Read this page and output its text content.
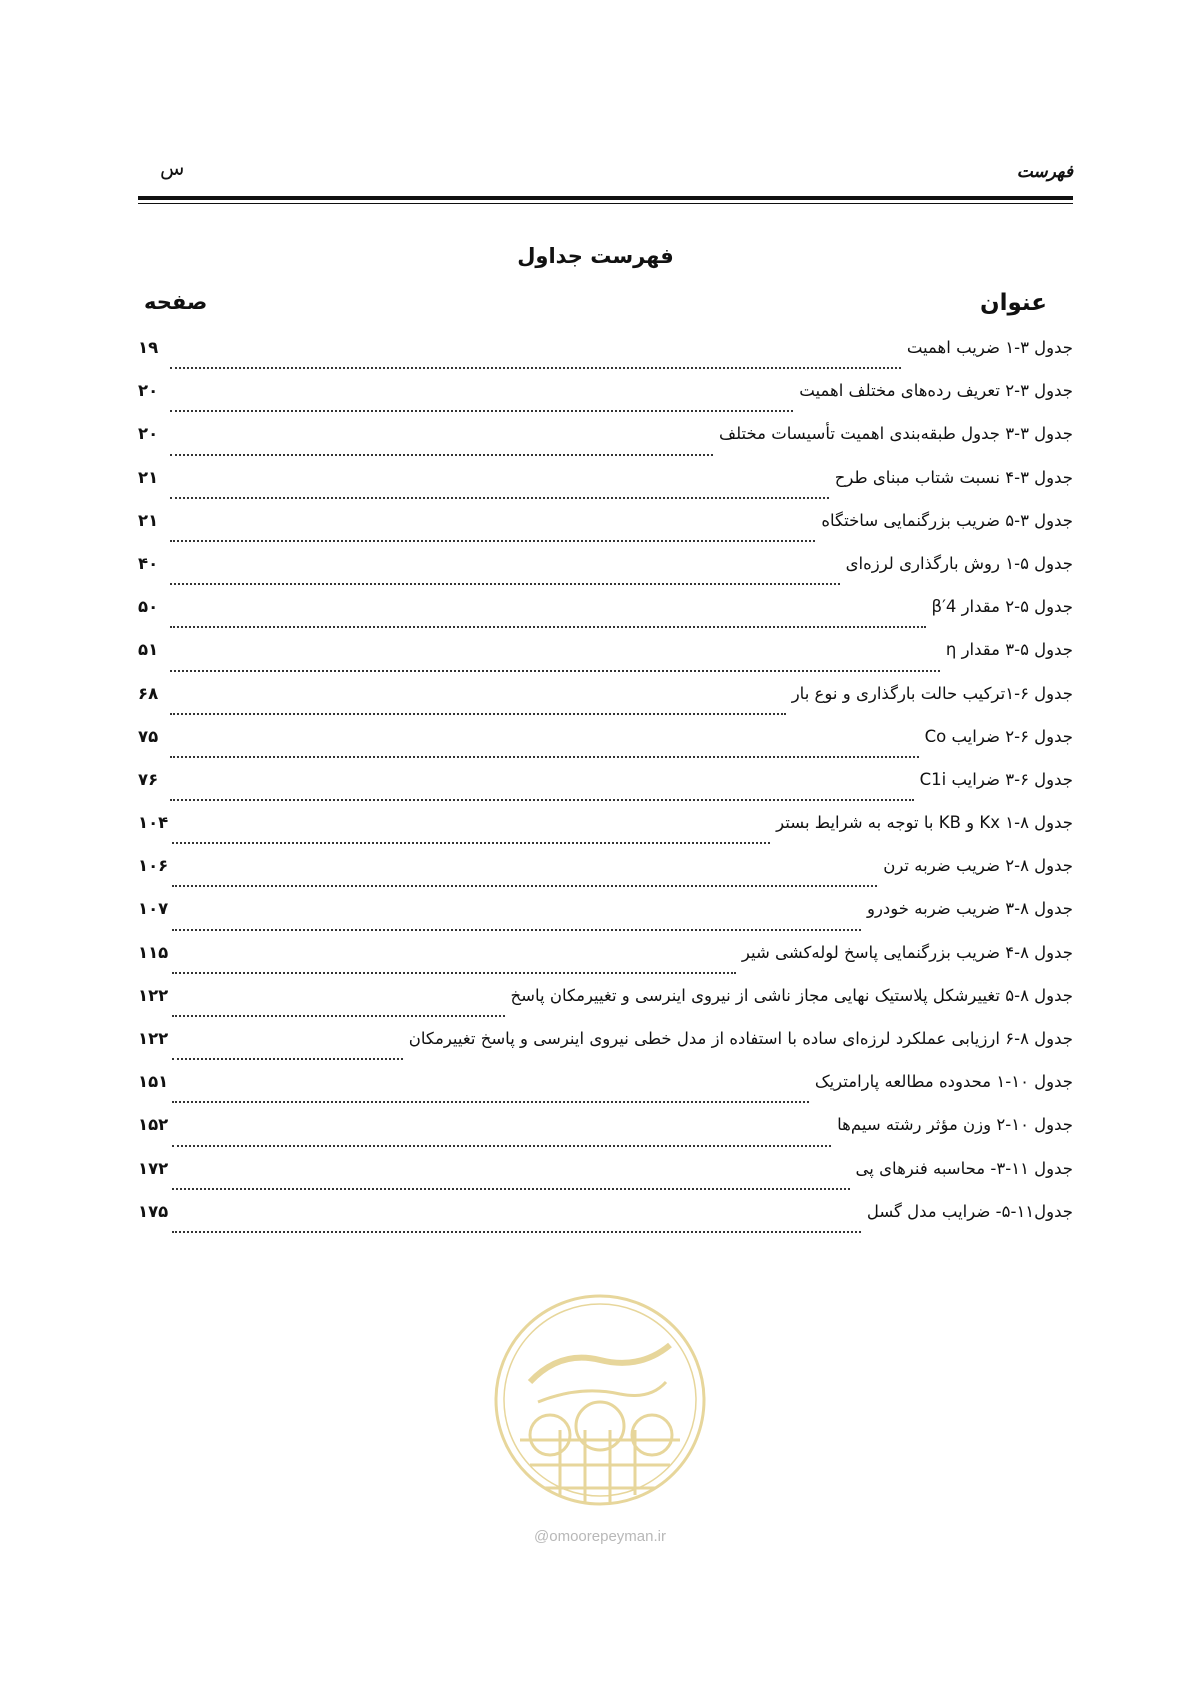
فهرست
س
فهرست جداول
عنوان
صفحه
جدول ۳-۱ ضریب اهمیت
۱۹
جدول ۳-۲ تعریف رده‌های مختلف اهمیت
۲۰
جدول ۳-۳ جدول طبقه‌بندی اهمیت تأسیسات مختلف
۲۰
جدول ۳-۴ نسبت شتاب مبنای طرح
۲۱
جدول ۳-۵ ضریب بزرگنمایی ساختگاه
۲۱
جدول ۵-۱ روش بارگذاری لرزه‌ای
۴۰
جدول ۵-۲ مقدار β′4
۵۰
جدول ۵-۳ مقدار η
۵۱
جدول ۶-۱ترکیب حالت بارگذاری و نوع بار
۶۸
جدول ۶-۲ ضرایب Co
۷۵
جدول ۶-۳ ضرایب C1i
۷۶
جدول ۸-۱ Kx و KB با توجه به شرایط بستر
۱۰۴
جدول ۸-۲ ضریب ضربه ترن
۱۰۶
جدول ۸-۳ ضریب ضربه خودرو
۱۰۷
جدول ۸-۴ ضریب بزرگنمایی پاسخ لوله‌کشی شیر
۱۱۵
جدول ۸-۵ تغییرشکل پلاستیک نهایی مجاز ناشی از نیروی اینرسی و تغییرمکان پاسخ
۱۲۲
جدول ۸-۶ ارزیابی عملکرد لرزه‌ای ساده با استفاده از مدل خطی نیروی اینرسی و پاسخ تغییرمکان
۱۲۲
جدول ۱۰-۱ محدوده مطالعه پارامتریک
۱۵۱
جدول ۱۰-۲ وزن مؤثر رشته سیم‌ها
۱۵۲
جدول ۱۱-۳- محاسبه فنرهای پی
۱۷۲
جدول۱۱-۵- ضرایب مدل گسل
۱۷۵
@omoorepeyman.ir
